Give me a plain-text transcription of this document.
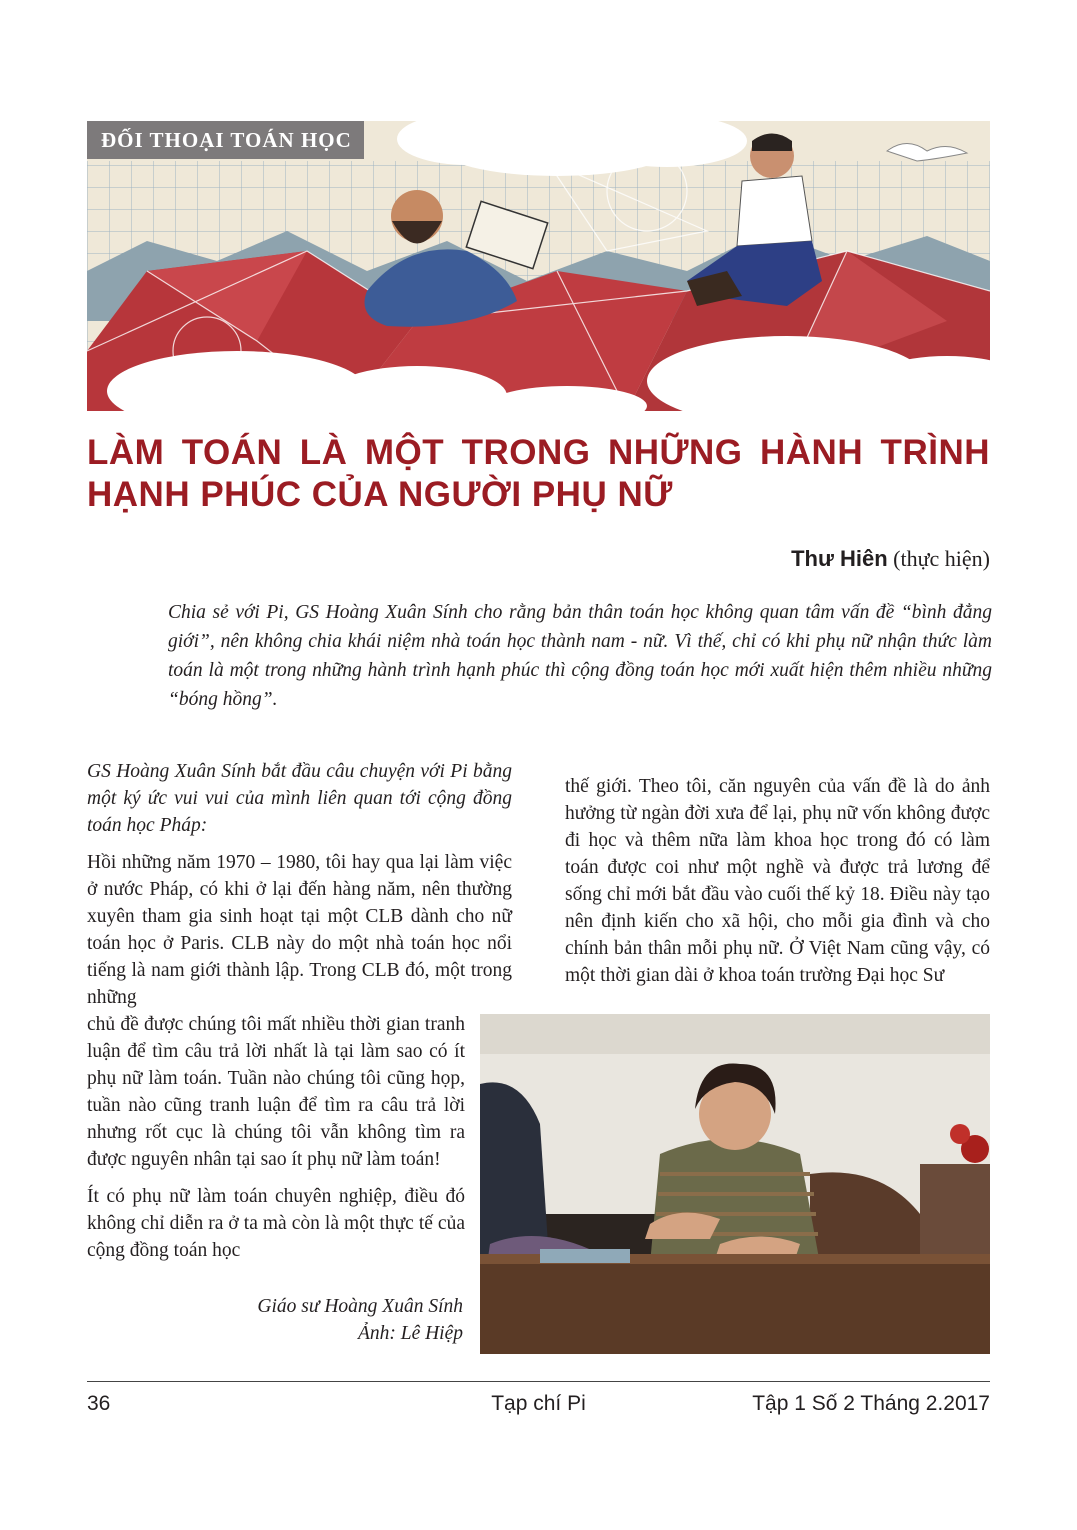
ĐỐI THOẠI TOÁN HỌC
LÀM TOÁN LÀ MỘT TRONG NHỮNG HÀNH TRÌNH
HẠNH PHÚC CỦA NGƯỜI PHỤ NỮ
Thư Hiên (thực hiện)

Chia sẻ với Pi, GS Hoàng Xuân Sính cho rằng bản thân toán học không quan tâm vấn đề “bình đẳng giới”, nên không chia khái niệm nhà toán học thành nam - nữ. Vì thế, chỉ có khi phụ nữ nhận thức làm toán là một trong những hành trình hạnh phúc thì cộng đồng toán học mới xuất hiện thêm nhiều những “bóng hồng”.

GS Hoàng Xuân Sính bắt đầu câu chuyện với Pi bằng một ký ức vui vui của mình liên quan tới cộng đồng toán học Pháp:

Hồi những năm 1970 – 1980, tôi hay qua lại làm việc ở nước Pháp, có khi ở lại đến hàng năm, nên thường xuyên tham gia sinh hoạt tại một CLB dành cho nữ toán học ở Paris. CLB này do một nhà toán học nổi tiếng là nam giới thành lập. Trong CLB đó, một trong những

chủ đề được chúng tôi mất nhiều thời gian tranh luận để tìm câu trả lời nhất là tại làm sao có ít phụ nữ làm toán. Tuần nào chúng tôi cũng họp, tuần nào cũng tranh luận để tìm ra câu trả lời nhưng rốt cục là chúng tôi vẫn không tìm ra được nguyên nhân tại sao ít phụ nữ làm toán!

Ít có phụ nữ làm toán chuyên nghiệp, điều đó không chỉ diễn ra ở ta mà còn là một thực tế của cộng đồng toán học

Giáo sư Hoàng Xuân Sính
Ảnh: Lê Hiệp

thế giới. Theo tôi, căn nguyên của vấn đề là do ảnh hưởng từ ngàn đời xưa để lại, phụ nữ vốn không được đi học và thêm nữa làm khoa học trong đó có làm toán được coi như một nghề và được trả lương để sống chỉ mới bắt đầu vào cuối thế kỷ 18. Điều này tạo nên định kiến cho xã hội, cho mỗi gia đình và cho chính bản thân mỗi phụ nữ. Ở Việt Nam cũng vậy, có một thời gian dài ở khoa toán trường Đại học Sư

36	Tạp chí Pi	Tập 1 Số 2 Tháng 2.2017
